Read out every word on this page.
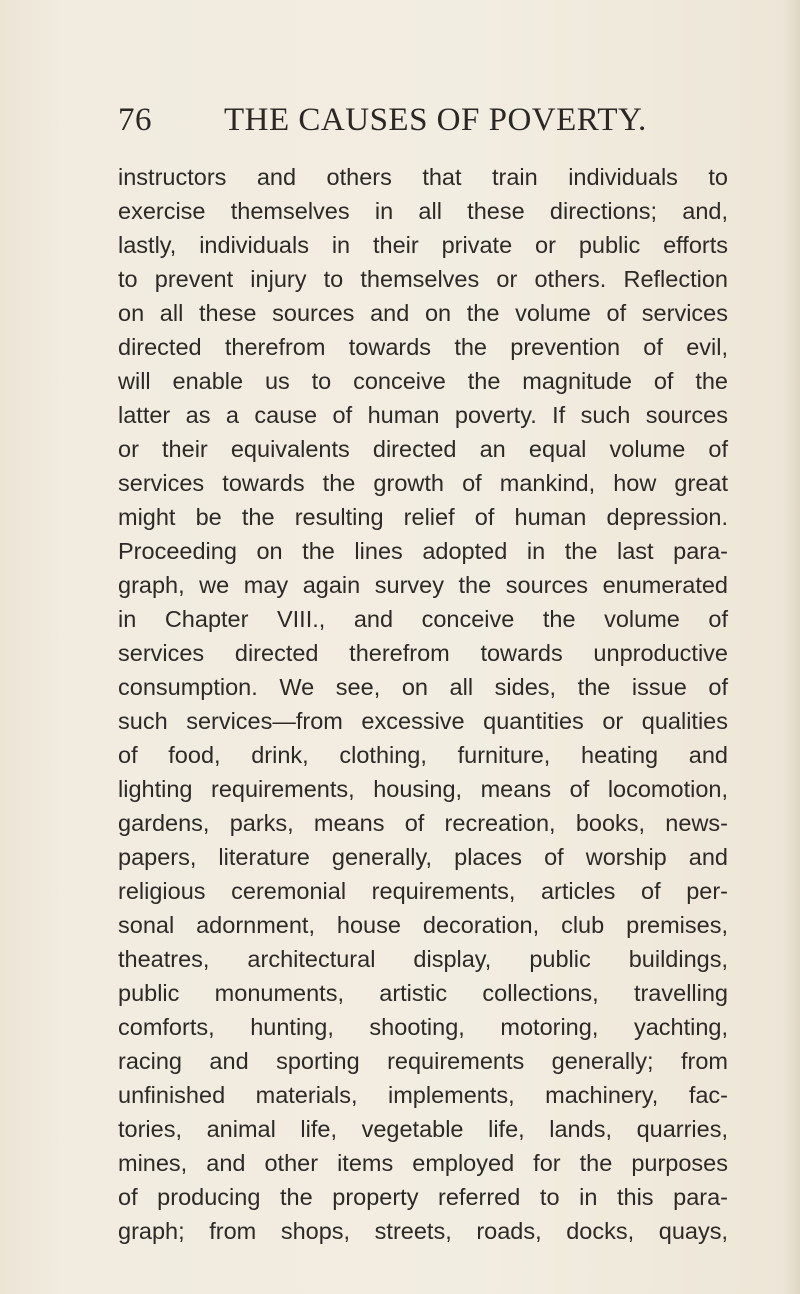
76 THE CAUSES OF POVERTY.
instructors and others that train individuals to
exercise themselves in all these directions; and,
lastly, individuals in their private or public efforts
to prevent injury to themselves or others. Reflection
on all these sources and on the volume of services
directed therefrom towards the prevention of evil,
will enable us to conceive the magnitude of the
latter as a cause of human poverty. If such sources
or their equivalents directed an equal volume of
services towards the growth of mankind, how great
might be the resulting relief of human depression.
Proceeding on the lines adopted in the last para-
graph, we may again survey the sources enumerated
in Chapter VIII., and conceive the volume of
services directed therefrom towards unproductive
consumption. We see, on all sides, the issue of
such services—from excessive quantities or qualities
of food, drink, clothing, furniture, heating and
lighting requirements, housing, means of locomotion,
gardens, parks, means of recreation, books, news-
papers, literature generally, places of worship and
religious ceremonial requirements, articles of per-
sonal adornment, house decoration, club premises,
theatres, architectural display, public buildings,
public monuments, artistic collections, travelling
comforts, hunting, shooting, motoring, yachting,
racing and sporting requirements generally; from
unfinished materials, implements, machinery, fac-
tories, animal life, vegetable life, lands, quarries,
mines, and other items employed for the purposes
of producing the property referred to in this para-
graph; from shops, streets, roads, docks, quays,
